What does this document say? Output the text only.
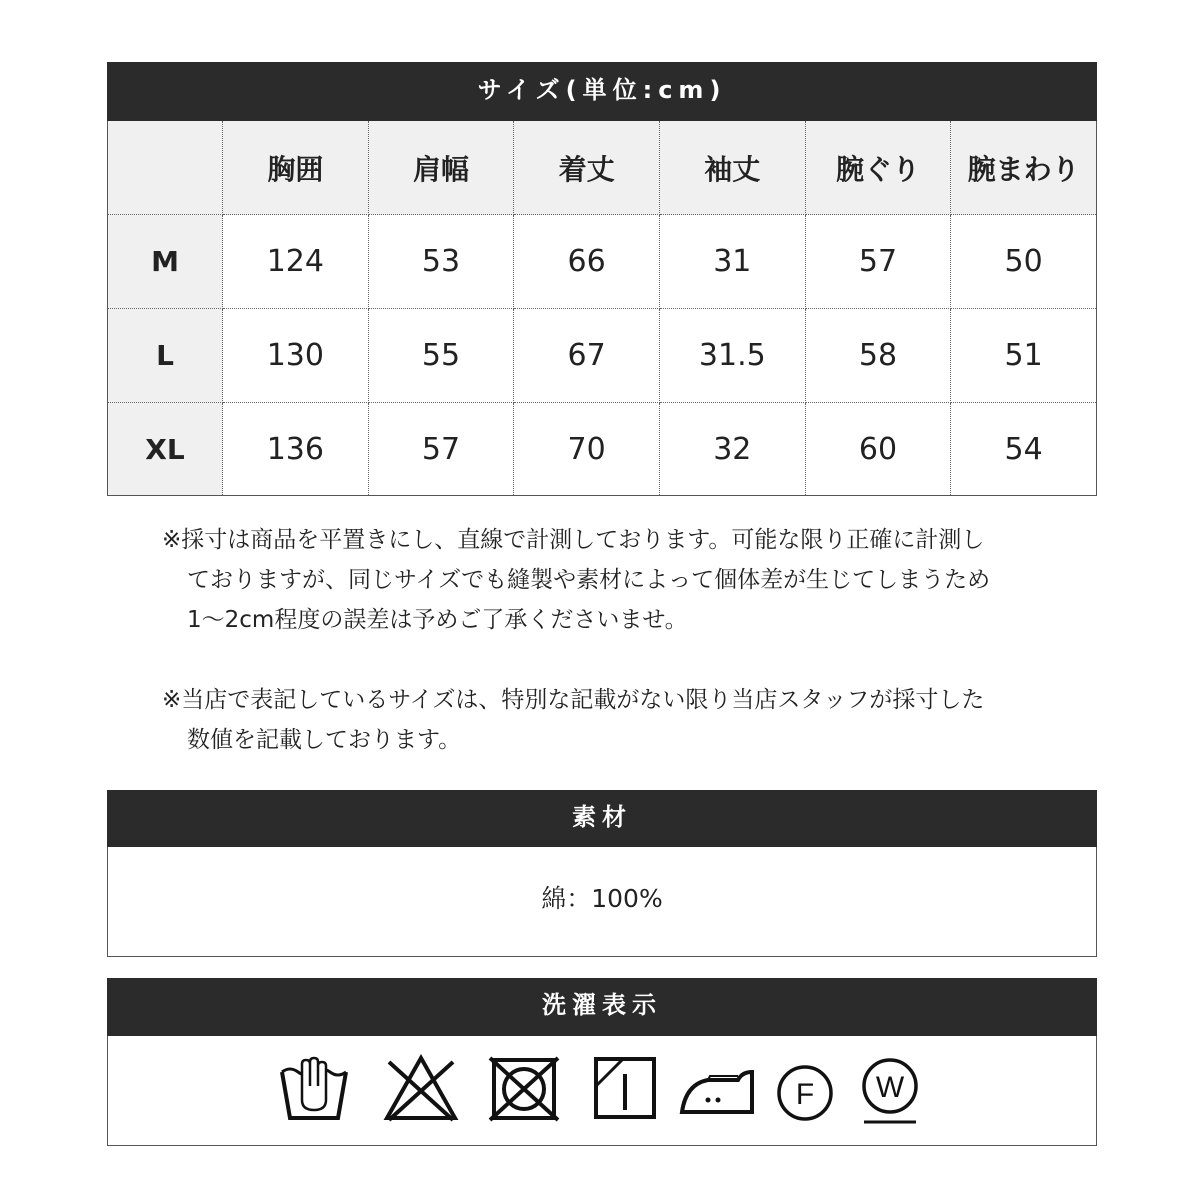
サイズ(単位:cm)
	胸囲	肩幅	着丈	袖丈	腕ぐり	腕まわり
M	124	53	66	31	57	50
L	130	55	67	31.5	58	51
XL	136	57	70	32	60	54
※採寸は商品を平置きにし、直線で計測しております。可能な限り正確に計測し
ておりますが、同じサイズでも縫製や素材によって個体差が生じてしまうため
1～2cm程度の誤差は予めご了承くださいませ。
※当店で表記しているサイズは、特別な記載がない限り当店スタッフが採寸した
数値を記載しております。
素材
綿：100%
洗濯表示
F W
